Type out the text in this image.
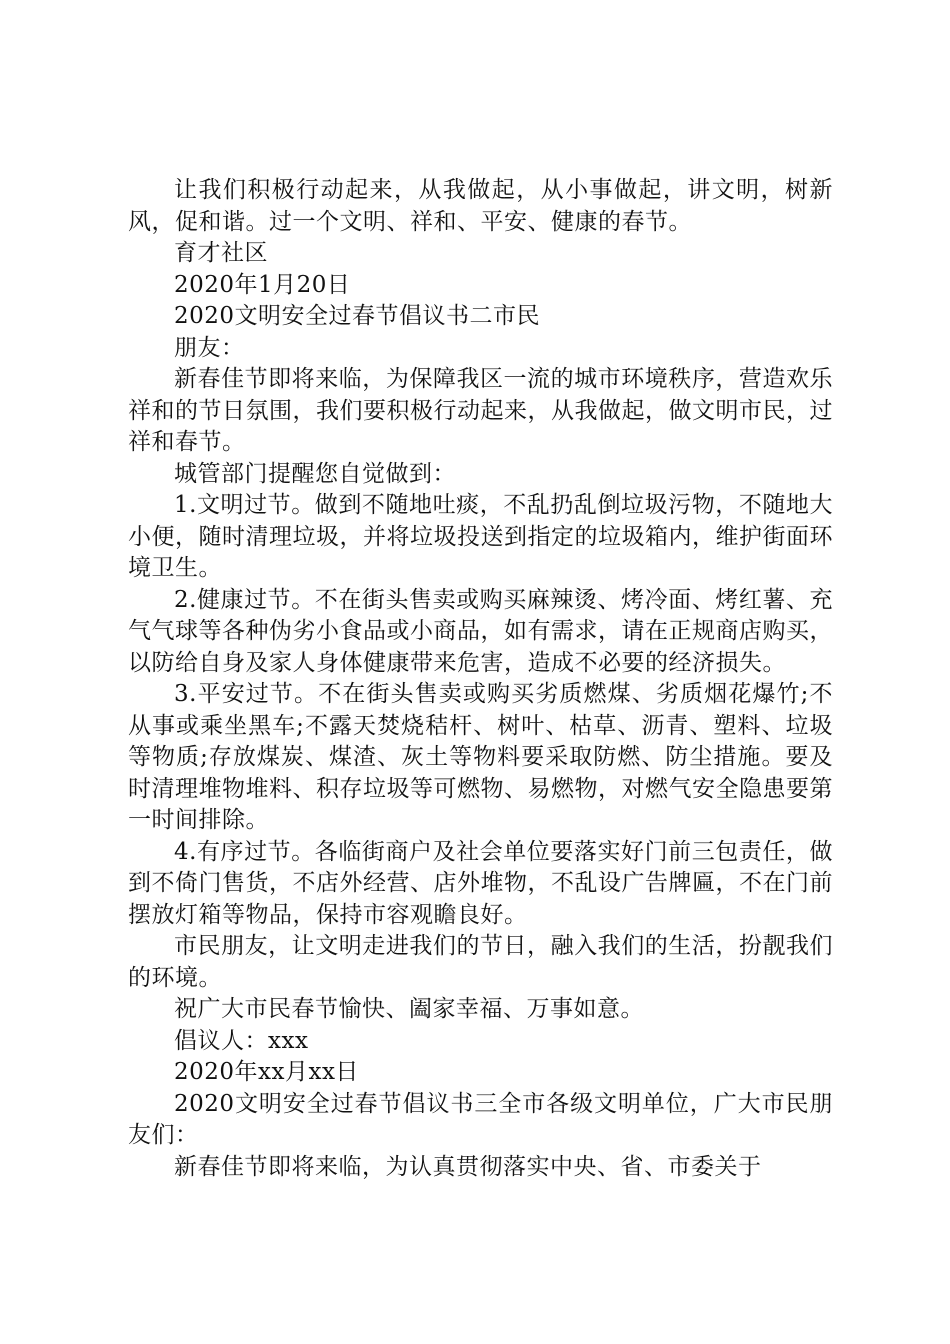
让我们积极行动起来，从我做起，从小事做起，讲文明，树新风，促和谐。过一个文明、祥和、平安、健康的春节。

育才社区

2020年1月20日

2020文明安全过春节倡议书二市民

朋友：

新春佳节即将来临，为保障我区一流的城市环境秩序，营造欢乐祥和的节日氛围，我们要积极行动起来，从我做起，做文明市民，过祥和春节。

城管部门提醒您自觉做到：

1.文明过节。做到不随地吐痰，不乱扔乱倒垃圾污物，不随地大小便，随时清理垃圾，并将垃圾投送到指定的垃圾箱内，维护街面环境卫生。

2.健康过节。不在街头售卖或购买麻辣烫、烤冷面、烤红薯、充气气球等各种伪劣小食品或小商品，如有需求，请在正规商店购买，以防给自身及家人身体健康带来危害，造成不必要的经济损失。

3.平安过节。不在街头售卖或购买劣质燃煤、劣质烟花爆竹;不从事或乘坐黑车;不露天焚烧秸杆、树叶、枯草、沥青、塑料、垃圾等物质;存放煤炭、煤渣、灰土等物料要采取防燃、防尘措施。要及时清理堆物堆料、积存垃圾等可燃物、易燃物，对燃气安全隐患要第一时间排除。

4.有序过节。各临街商户及社会单位要落实好门前三包责任，做到不倚门售货，不店外经营、店外堆物，不乱设广告牌匾，不在门前摆放灯箱等物品，保持市容观瞻良好。

市民朋友，让文明走进我们的节日，融入我们的生活，扮靓我们的环境。

祝广大市民春节愉快、阖家幸福、万事如意。

倡议人：xxx

2020年xx月xx日

2020文明安全过春节倡议书三全市各级文明单位，广大市民朋友们：

新春佳节即将来临，为认真贯彻落实中央、省、市委关于
